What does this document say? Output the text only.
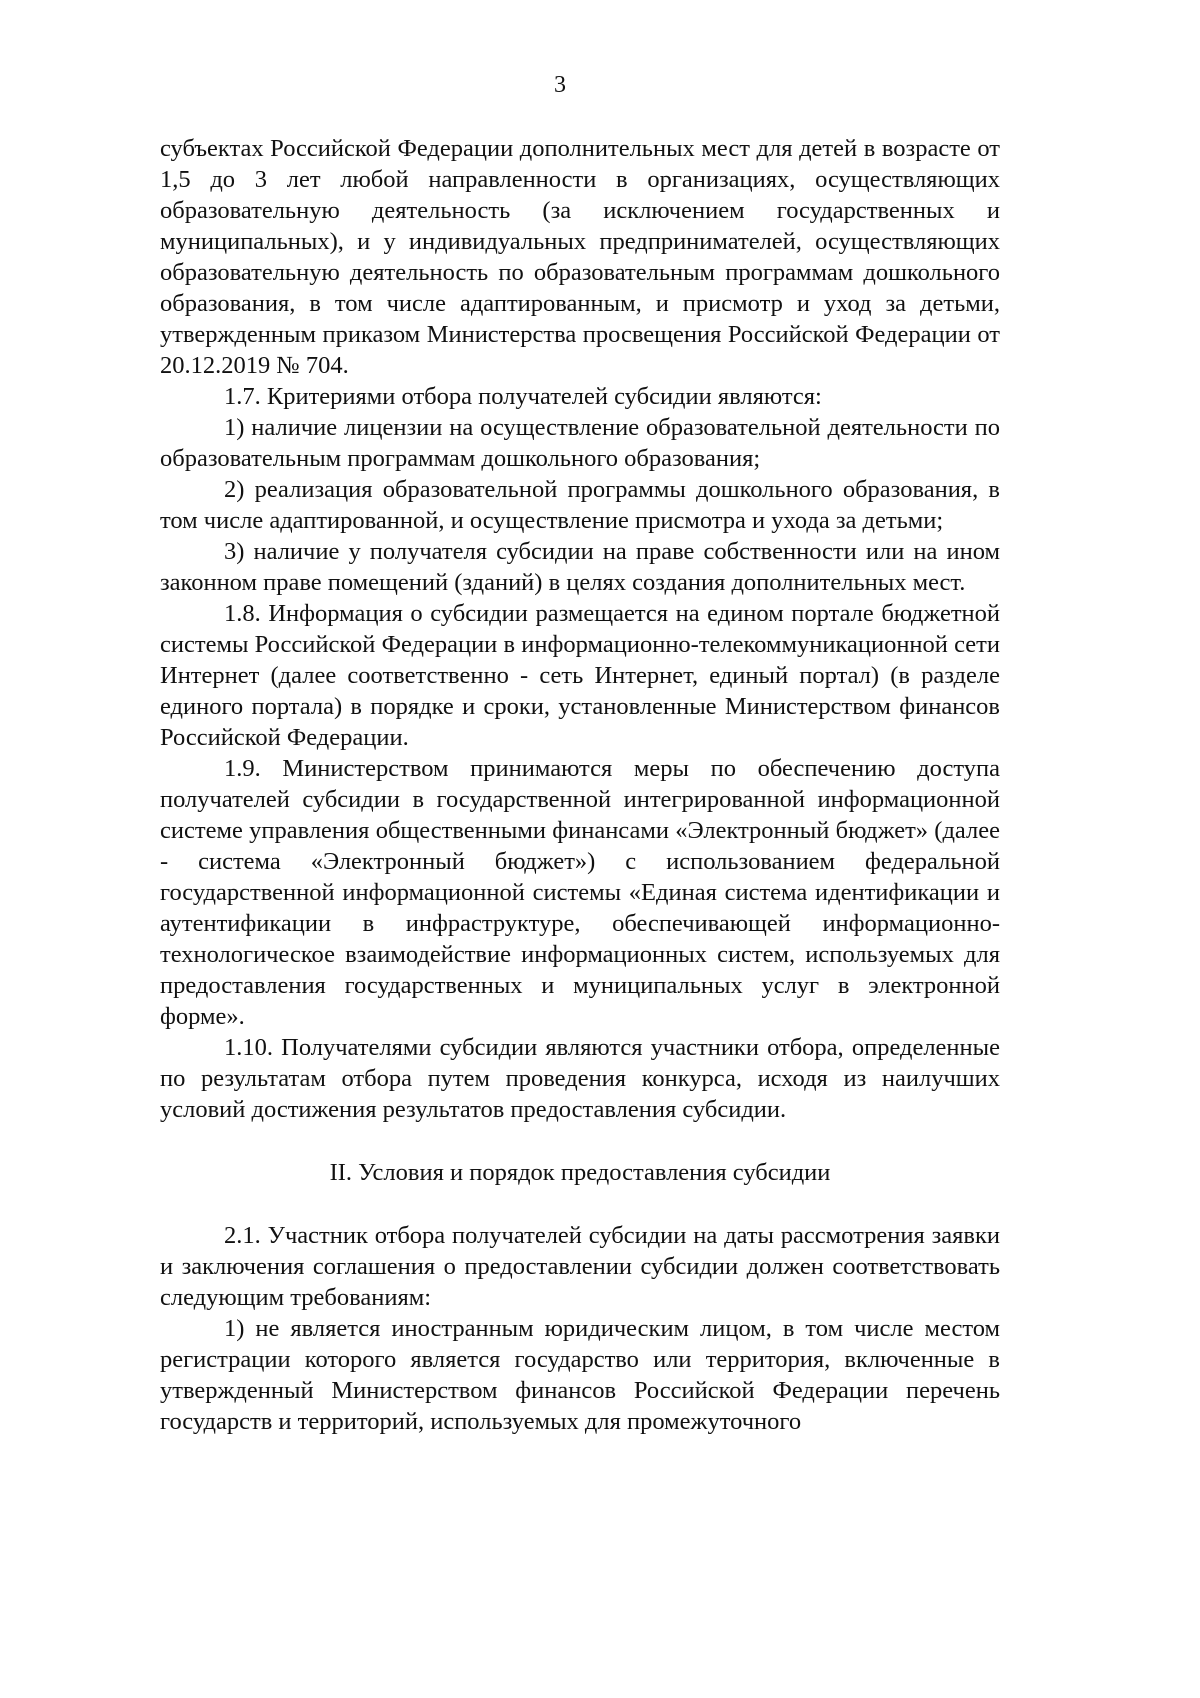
3

субъектах Российской Федерации дополнительных мест для детей в возрасте от 1,5 до 3 лет любой направленности в организациях, осуществляющих образовательную деятельность (за исключением государственных и муниципальных), и у индивидуальных предпринимателей, осуществляющих образовательную деятельность по образовательным программам дошкольного образования, в том числе адаптированным, и присмотр и уход за детьми, утвержденным приказом Министерства просвещения Российской Федерации от 20.12.2019 № 704.

1.7. Критериями отбора получателей субсидии являются:

1) наличие лицензии на осуществление образовательной деятельности по образовательным программам дошкольного образования;

2) реализация образовательной программы дошкольного образования, в том числе адаптированной, и осуществление присмотра и ухода за детьми;

3) наличие у получателя субсидии на праве собственности или на ином законном праве помещений (зданий) в целях создания дополнительных мест.

1.8. Информация о субсидии размещается на едином портале бюджетной системы Российской Федерации в информационно-телекоммуникационной сети Интернет (далее соответственно - сеть Интернет, единый портал) (в разделе единого портала) в порядке и сроки, установленные Министерством финансов Российской Федерации.

1.9. Министерством принимаются меры по обеспечению доступа получателей субсидии в государственной интегрированной информационной системе управления общественными финансами «Электронный бюджет» (далее - система «Электронный бюджет») с использованием федеральной государственной информационной системы «Единая система идентификации и аутентификации в инфраструктуре, обеспечивающей информационно-технологическое взаимодействие информационных систем, используемых для предоставления государственных и муниципальных услуг в электронной форме».

1.10. Получателями субсидии являются участники отбора, определенные по результатам отбора путем проведения конкурса, исходя из наилучших условий достижения результатов предоставления субсидии.

II. Условия и порядок предоставления субсидии

2.1. Участник отбора получателей субсидии на даты рассмотрения заявки и заключения соглашения о предоставлении субсидии должен соответствовать следующим требованиям:

1) не является иностранным юридическим лицом, в том числе местом регистрации которого является государство или территория, включенные в утвержденный Министерством финансов Российской Федерации перечень государств и территорий, используемых для промежуточного
